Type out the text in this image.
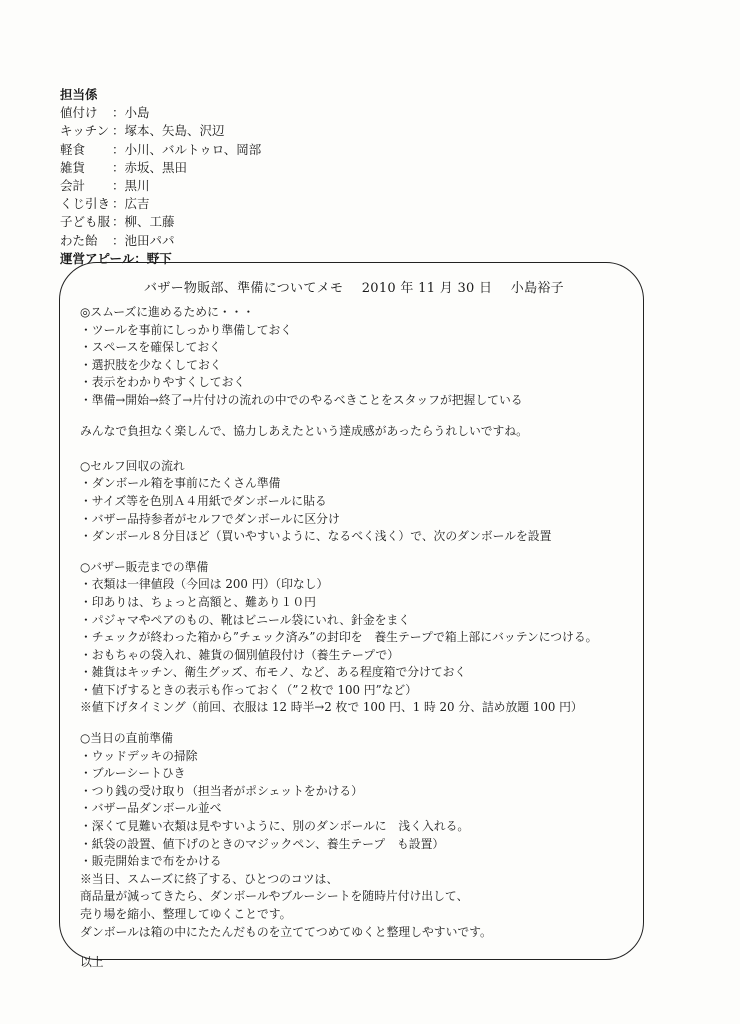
担当係
値付け ：小島
キッチン ：塚本、矢島、沢辺
軽食 ：小川、バルトゥロ、岡部
雑貨 ：赤坂、黒田
会計 ：黒川
くじ引き ：広吉
子ども服 ：柳、工藤
わた飴 ：池田パパ
運営アピール：野下
バザー物販部、準備についてメモ 2010 年 11 月 30 日 小島裕子
◎スムーズに進めるために・・・
・ツールを事前にしっかり準備しておく
・スペースを確保しておく
・選択肢を少なくしておく
・表示をわかりやすくしておく
・準備→開始→終了→片付けの流れの中でのやるべきことをスタッフが把握している
みんなで負担なく楽しんで、協力しあえたという達成感があったらうれしいですね。
○セルフ回収の流れ
・ダンボール箱を事前にたくさん準備
・サイズ等を色別Ａ４用紙でダンボールに貼る
・バザー品持参者がセルフでダンボールに区分け
・ダンボール８分目ほど（買いやすいように、なるべく浅く）で、次のダンボールを設置
○バザー販売までの準備
・衣類は一律値段（今回は 200 円）（印なし）
・印ありは、ちょっと高額と、難あり１０円
・パジャマやペアのもの、靴はビニール袋にいれ、針金をまく
・チェックが終わった箱から”チェック済み”の封印を　養生テープで箱上部にバッテンにつける。
・おもちゃの袋入れ、雑貨の個別値段付け（養生テープで）
・雑貨はキッチン、衛生グッズ、布モノ、など、ある程度箱で分けておく
・値下げするときの表示も作っておく（”２枚で 100 円”など）
※値下げタイミング（前回、衣服は 12 時半→2 枚で 100 円、1 時 20 分、詰め放題 100 円）
○当日の直前準備
・ウッドデッキの掃除
・ブルーシートひき
・つり銭の受け取り（担当者がポシェットをかける）
・バザー品ダンボール並べ
・深くて見難い衣類は見やすいように、別のダンボールに　浅く入れる。
・紙袋の設置、値下げのときのマジックペン、養生テープ　も設置）
・販売開始まで布をかける
※当日、スムーズに終了する、ひとつのコツは、
商品量が減ってきたら、ダンボールやブルーシートを随時片付け出して、
売り場を縮小、整理してゆくことです。
ダンボールは箱の中にたたんだものを立ててつめてゆくと整理しやすいです。
以上
